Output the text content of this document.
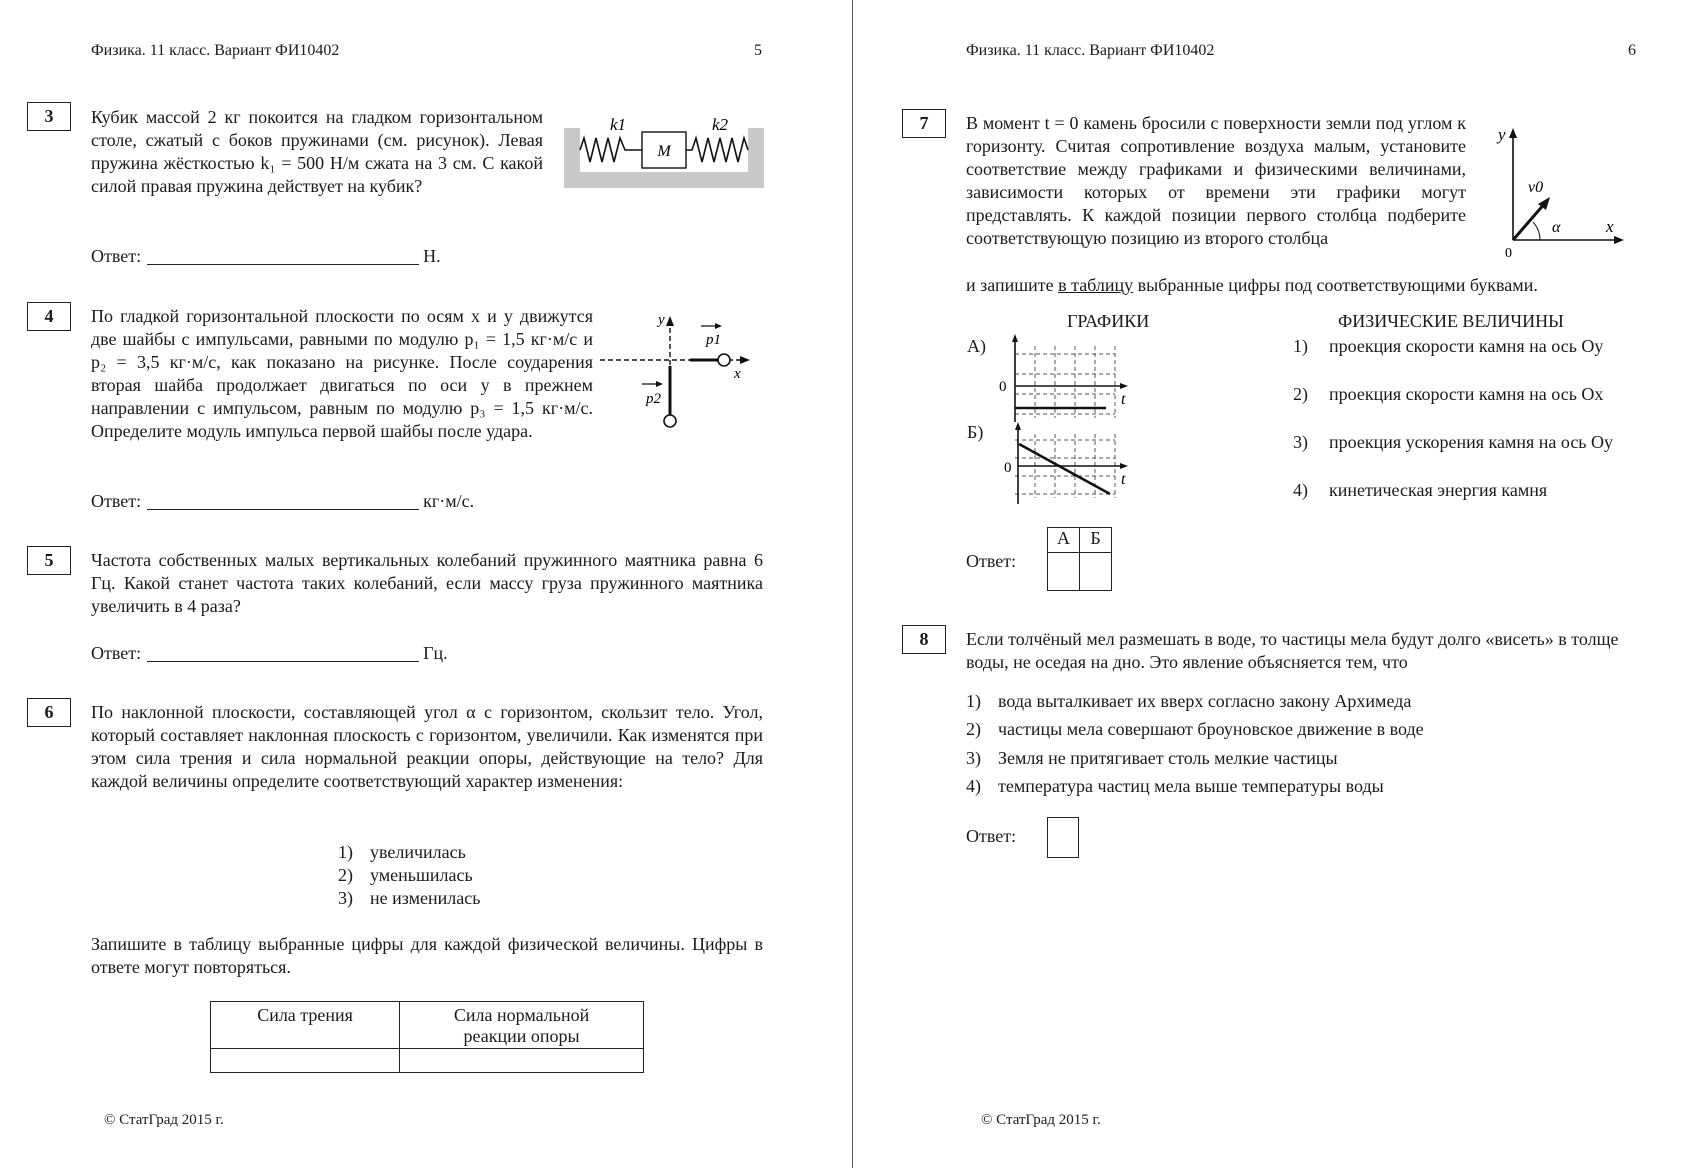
Физика. 11 класс. Вариант ФИ10402	5
3	Кубик массой 2 кг покоится на гладком горизонтальном столе, сжатый с боков пружинами (см. рисунок). Левая пружина жёсткостью k₁ = 500 Н/м сжата на 3 см. С какой силой правая пружина действует на кубик?
M
k1	k2
Ответ:	Н.
4	По гладкой горизонтальной плоскости по осям x и y движутся две шайбы с импульсами, равными по модулю p₁ = 1,5 кг·м/с и p₂ = 3,5 кг·м/с, как показано на рисунке. После соударения вторая шайба продолжает двигаться по оси y в прежнем направлении с импульсом, равным по модулю p₃ = 1,5 кг·м/с. Определите модуль импульса первой шайбы после удара.
y
x
p1
p2
Ответ:	кг·м/с.
5	Частота собственных малых вертикальных колебаний пружинного маятника равна 6 Гц. Какой станет частота таких колебаний, если массу груза пружинного маятника увеличить в 4 раза?
Ответ:	Гц.
6	По наклонной плоскости, составляющей угол α с горизонтом, скользит тело. Угол, который составляет наклонная плоскость с горизонтом, увеличили. Как изменятся при этом сила трения и сила нормальной реакции опоры, действующие на тело? Для каждой величины определите соответствующий характер изменения:
1) увеличилась
2) уменьшилась
3) не изменилась
Запишите в таблицу выбранные цифры для каждой физической величины. Цифры в ответе могут повторяться.
Сила трения	Сила нормальной реакции опоры

© СтатГрад 2015 г.
Физика. 11 класс. Вариант ФИ10402	6
7	В момент t = 0 камень бросили с поверхности земли под углом к горизонту. Считая сопротивление воздуха малым, установите соответствие между графиками и физическими величинами, зависимости которых от времени эти графики могут представлять. К каждой позиции первого столбца подберите соответствующую позицию из второго столбца
и запишите в таблицу выбранные цифры под соответствующими буквами.
y
x
v0
α
0
ГРАФИКИ	ФИЗИЧЕСКИЕ ВЕЛИЧИНЫ
А)
0
t
Б)
0
t
1)	проекция скорости камня на ось Oy
2)	проекция скорости камня на ось Ox
3)	проекция ускорения камня на ось Oy
4)	кинетическая энергия камня
Ответ:
А	Б

8	Если толчёный мел размешать в воде, то частицы мела будут долго «висеть» в толще воды, не оседая на дно. Это явление объясняется тем, что
1) вода выталкивает их вверх согласно закону Архимеда
2) частицы мела совершают броуновское движение в воде
3) Земля не притягивает столь мелкие частицы
4) температура частиц мела выше температуры воды
Ответ:
© СтатГрад 2015 г.
